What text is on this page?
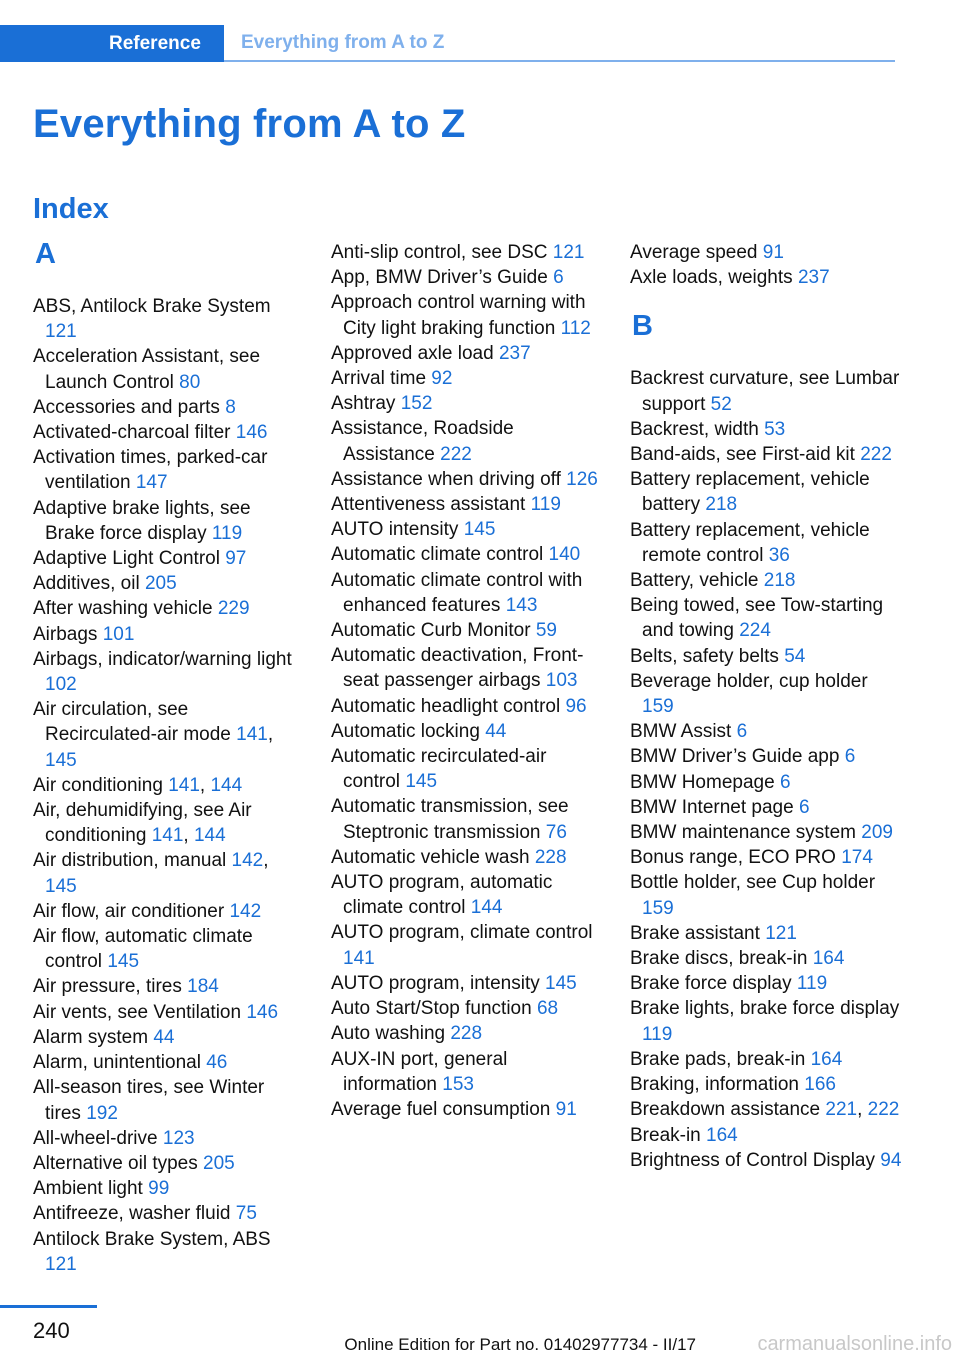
Reference	Everything from A to Z
Everything from A to Z
Index
A
ABS, Antilock Brake System 121
Acceleration Assistant, see Launch Control 80
Accessories and parts 8
Activated-charcoal filter 146
Activation times, parked-car ventilation 147
Adaptive brake lights, see Brake force display 119
Adaptive Light Control 97
Additives, oil 205
After washing vehicle 229
Airbags 101
Airbags, indicator/warning light 102
Air circulation, see Recirculated-air mode 141, 145
Air conditioning 141, 144
Air, dehumidifying, see Air conditioning 141, 144
Air distribution, manual 142, 145
Air flow, air conditioner 142
Air flow, automatic climate control 145
Air pressure, tires 184
Air vents, see Ventilation 146
Alarm system 44
Alarm, unintentional 46
All-season tires, see Winter tires 192
All-wheel-drive 123
Alternative oil types 205
Ambient light 99
Antifreeze, washer fluid 75
Antilock Brake System, ABS 121
Anti-slip control, see DSC 121
App, BMW Driver’s Guide 6
Approach control warning with City light braking function 112
Approved axle load 237
Arrival time 92
Ashtray 152
Assistance, Roadside Assistance 222
Assistance when driving off 126
Attentiveness assistant 119
AUTO intensity 145
Automatic climate control 140
Automatic climate control with enhanced features 143
Automatic Curb Monitor 59
Automatic deactivation, Front-seat passenger airbags 103
Automatic headlight control 96
Automatic locking 44
Automatic recirculated-air control 145
Automatic transmission, see Steptronic transmission 76
Automatic vehicle wash 228
AUTO program, automatic climate control 144
AUTO program, climate control 141
AUTO program, intensity 145
Auto Start/Stop function 68
Auto washing 228
AUX-IN port, general information 153
Average fuel consumption 91
Average speed 91
Axle loads, weights 237
B
Backrest curvature, see Lumbar support 52
Backrest, width 53
Band-aids, see First-aid kit 222
Battery replacement, vehicle battery 218
Battery replacement, vehicle remote control 36
Battery, vehicle 218
Being towed, see Tow-starting and towing 224
Belts, safety belts 54
Beverage holder, cup holder 159
BMW Assist 6
BMW Driver’s Guide app 6
BMW Homepage 6
BMW Internet page 6
BMW maintenance system 209
Bonus range, ECO PRO 174
Bottle holder, see Cup holder 159
Brake assistant 121
Brake discs, break-in 164
Brake force display 119
Brake lights, brake force display 119
Brake pads, break-in 164
Braking, information 166
Breakdown assistance 221, 222
Break-in 164
Brightness of Control Display 94
240
Online Edition for Part no. 01402977734 - II/17	carmanualsonline.info
